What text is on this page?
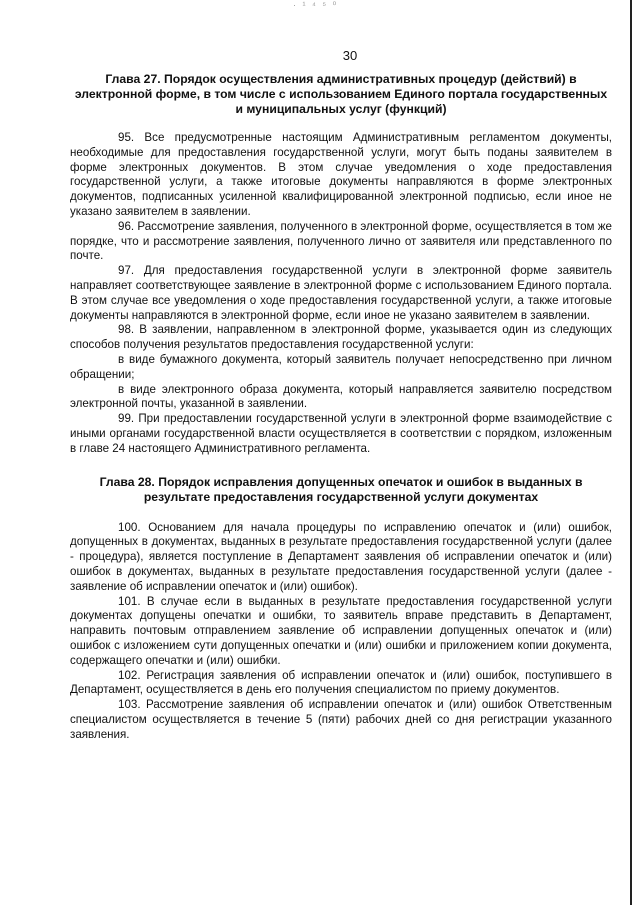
· ¹ ⁴ ⁵ ⁰
30
Глава 27. Порядок осуществления административных процедур (действий) в электронной форме, в том числе с использованием Единого портала государственных и муниципальных услуг (функций)

95. Все предусмотренные настоящим Административным регламентом документы, необходимые для предоставления государственной услуги, могут быть поданы заявителем в форме электронных документов. В этом случае уведомления о ходе предоставления государственной услуги, а также итоговые документы направляются в форме электронных документов, подписанных усиленной квалифицированной электронной подписью, если иное не указано заявителем в заявлении.

96. Рассмотрение заявления, полученного в электронной форме, осуществляется в том же порядке, что и рассмотрение заявления, полученного лично от заявителя или представленного по почте.

97. Для предоставления государственной услуги в электронной форме заявитель направляет соответствующее заявление в электронной форме с использованием Единого портала. В этом случае все уведомления о ходе предоставления государственной услуги, а также итоговые документы направляются в электронной форме, если иное не указано заявителем в заявлении.

98. В заявлении, направленном в электронной форме, указывается один из следующих способов получения результатов предоставления государственной услуги:

в виде бумажного документа, который заявитель получает непосредственно при личном обращении;

в виде электронного образа документа, который направляется заявителю посредством электронной почты, указанной в заявлении.

99. При предоставлении государственной услуги в электронной форме взаимодействие с иными органами государственной власти осуществляется в соответствии с порядком, изложенным в главе 24 настоящего Административного регламента.

Глава 28. Порядок исправления допущенных опечаток и ошибок в выданных в результате предоставления государственной услуги документах

100. Основанием для начала процедуры по исправлению опечаток и (или) ошибок, допущенных в документах, выданных в результате предоставления государственной услуги (далее - процедура), является поступление в Департамент заявления об исправлении опечаток и (или) ошибок в документах, выданных в результате предоставления государственной услуги (далее - заявление об исправлении опечаток и (или) ошибок).

101. В случае если в выданных в результате предоставления государственной услуги документах допущены опечатки и ошибки, то заявитель вправе представить в Департамент, направить почтовым отправлением заявление об исправлении допущенных опечаток и (или) ошибок с изложением сути допущенных опечатки и (или) ошибки и приложением копии документа, содержащего опечатки и (или) ошибки.

102. Регистрация заявления об исправлении опечаток и (или) ошибок, поступившего в Департамент, осуществляется в день его получения специалистом по приему документов.

103. Рассмотрение заявления об исправлении опечаток и (или) ошибок Ответственным специалистом осуществляется в течение 5 (пяти) рабочих дней со дня регистрации указанного заявления.
